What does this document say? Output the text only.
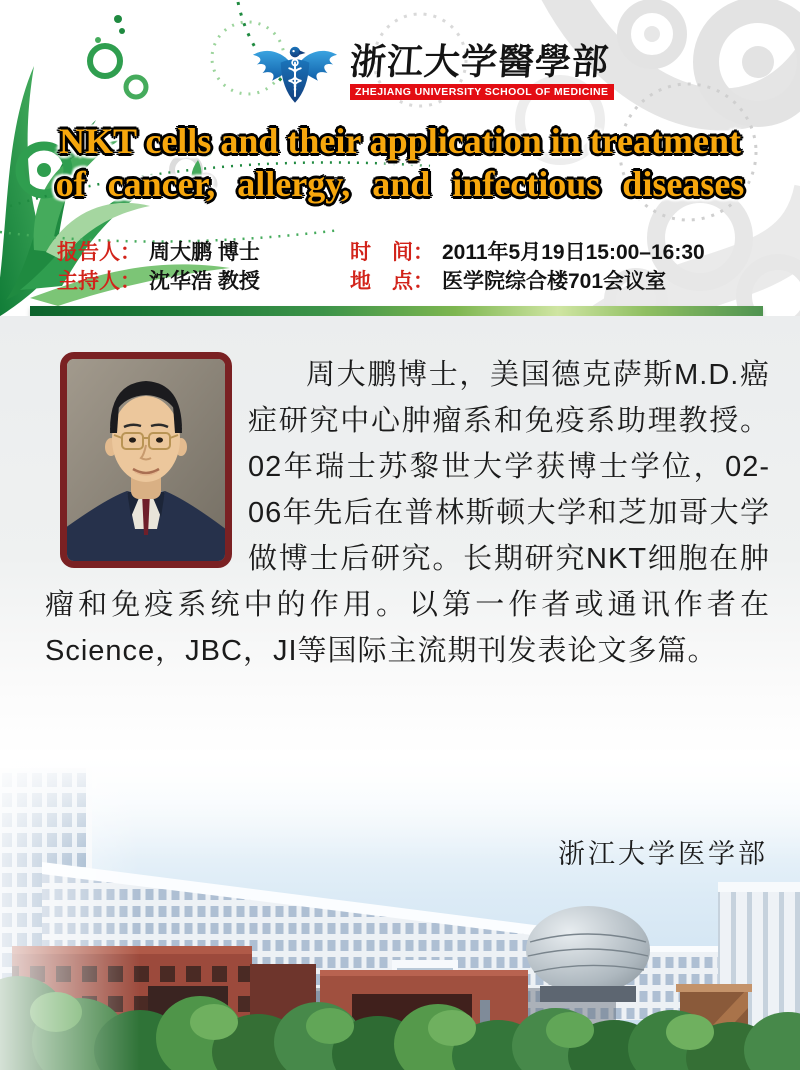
浙江大学醫學部
ZHEJIANG UNIVERSITY SCHOOL OF MEDICINE
NKT cells and their application in treatment
of cancer, allergy, and infectious diseases
报告人： 周大鹏 博士
主持人： 沈华浩 教授
时　间： 2011年5月19日15:00–16:30
地　点： 医学院综合楼701会议室

周大鹏博士，美国德克萨斯M.D.癌症研究中心肿瘤系和免疫系助理教授。02年瑞士苏黎世大学获博士学位，02-06年先后在普林斯顿大学和芝加哥大学做博士后研究。长期研究NKT细胞在肿瘤和免疫系统中的作用。以第一作者或通讯作者在Science，JBC，JI等国际主流期刊发表论文多篇。

浙江大学医学部
